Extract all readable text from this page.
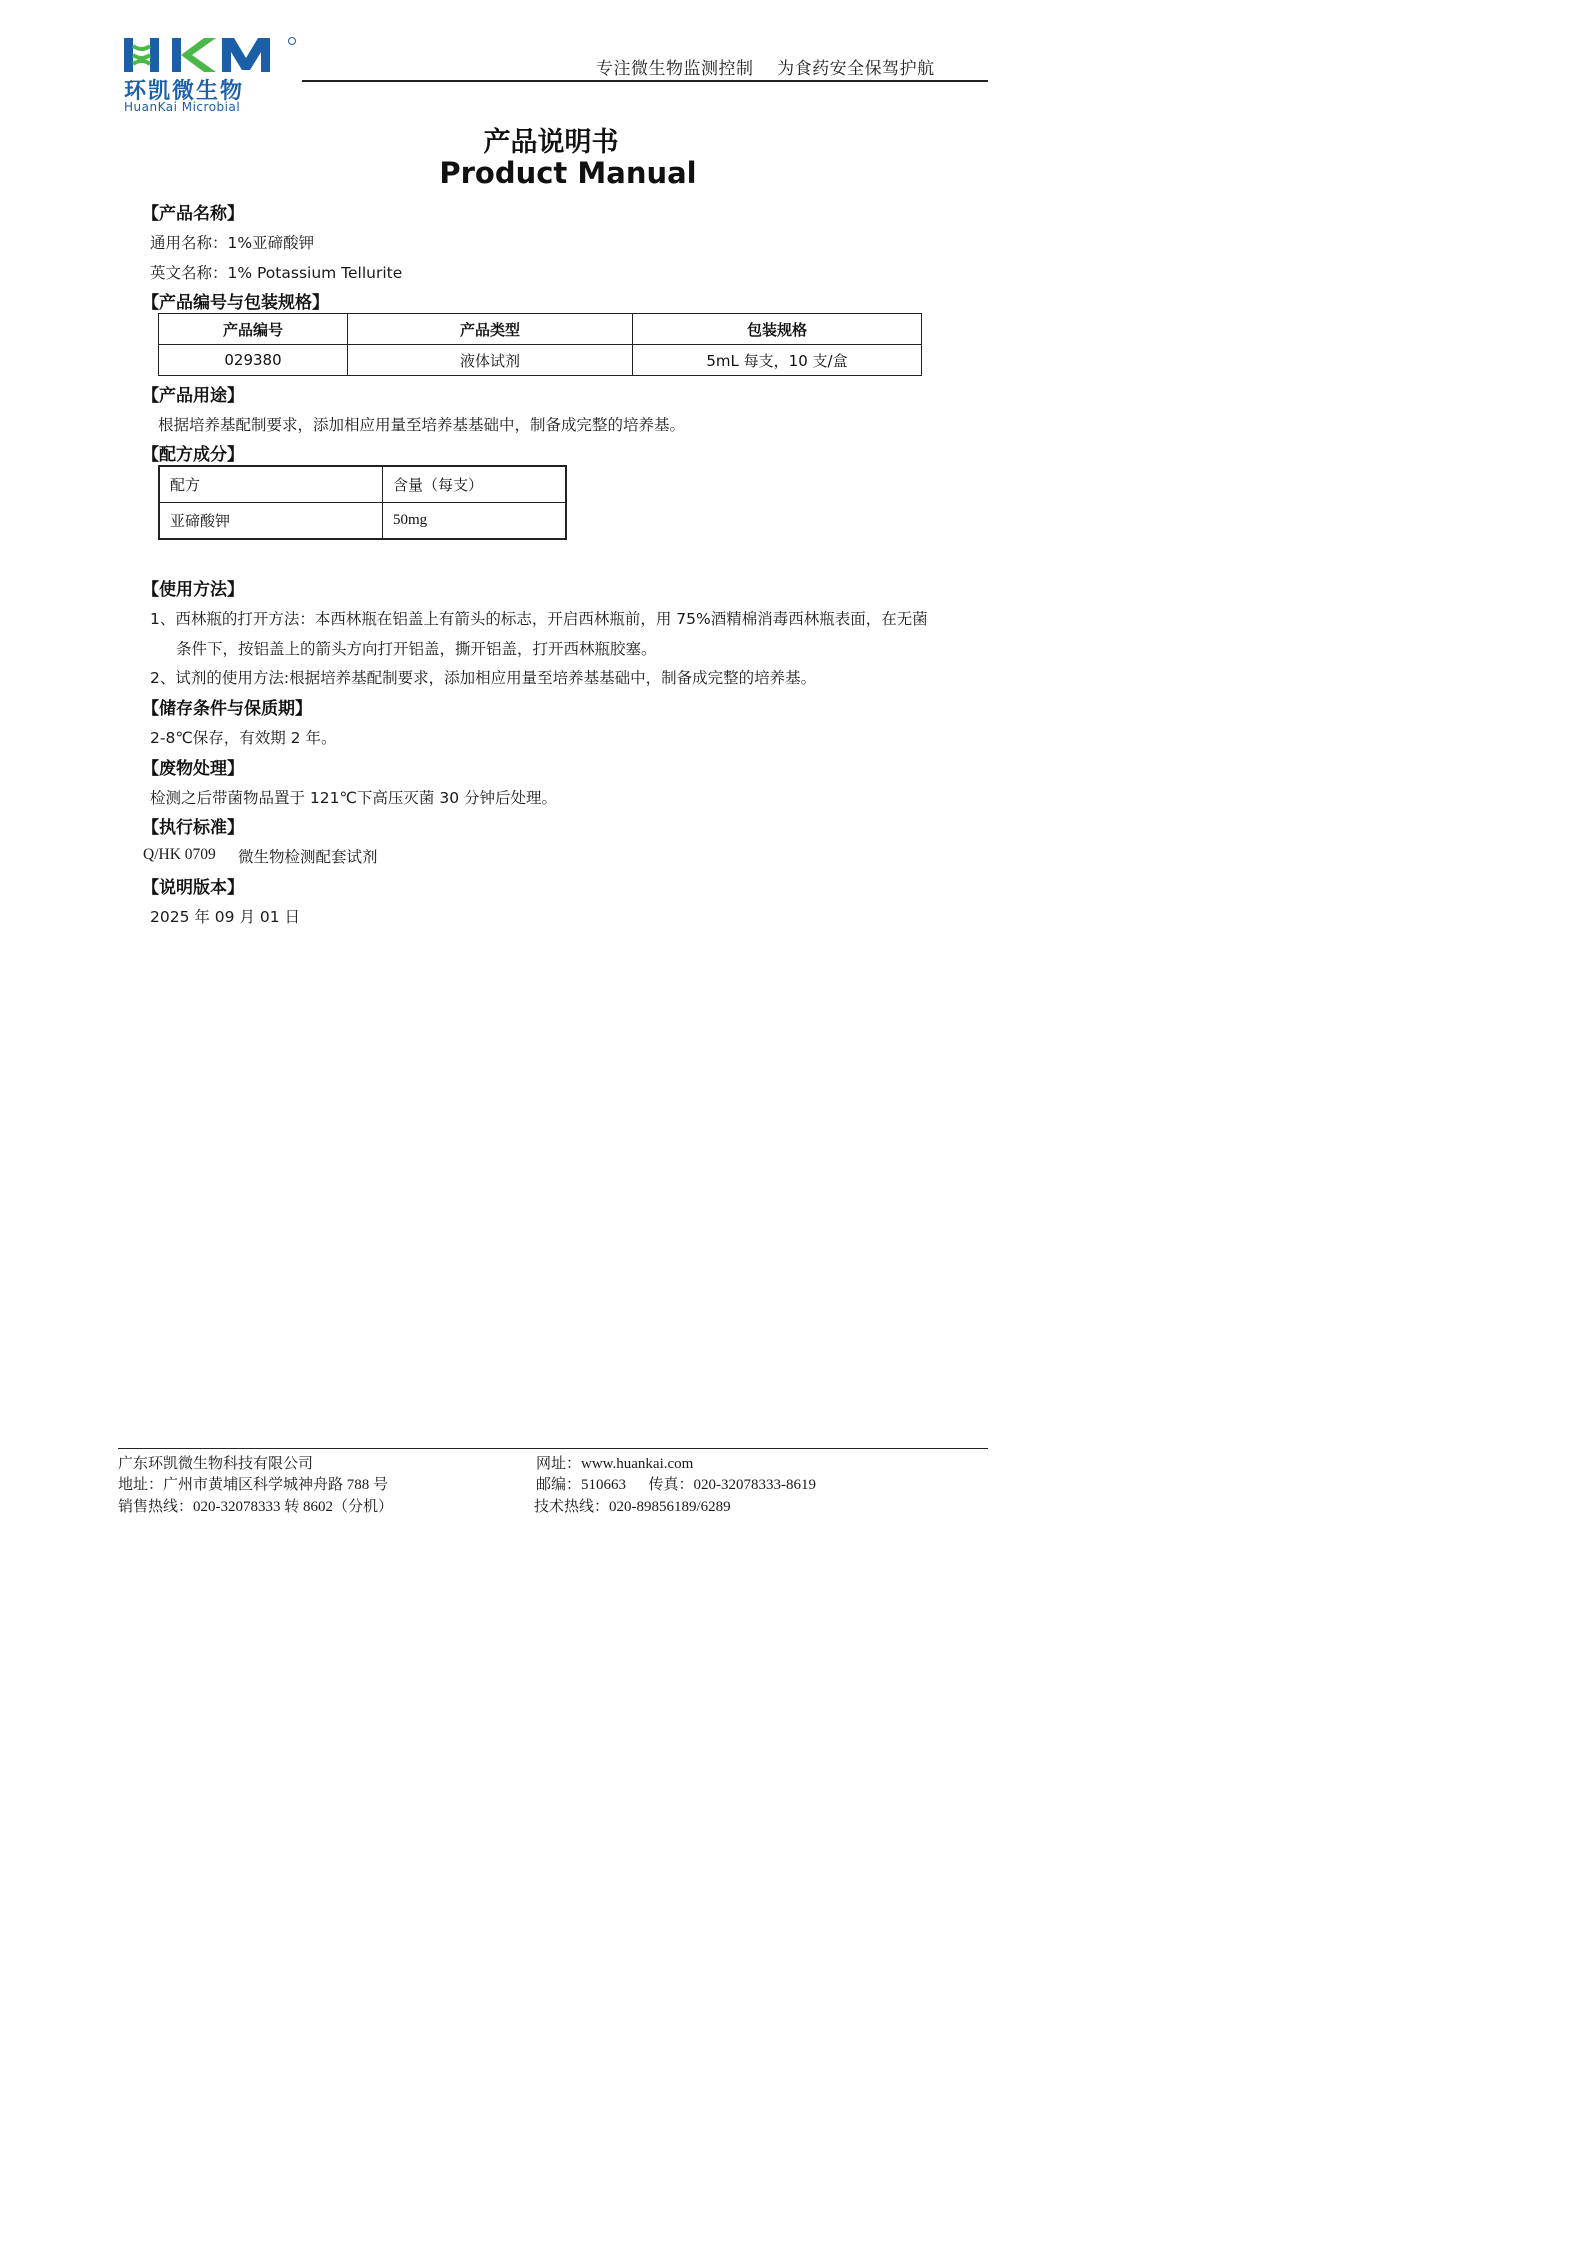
环凯微生物
HuanKai Microbial
专注微生物监测控制    为食药安全保驾护航
产品说明书
Product Manual
【产品名称】
通用名称：1%亚碲酸钾
英文名称：1% Potassium Tellurite
【产品编号与包装规格】
产品编号	产品类型	包装规格
029380	液体试剂	5mL 每支，10 支/盒
【产品用途】
根据培养基配制要求，添加相应用量至培养基基础中，制备成完整的培养基。
【配方成分】
配方	含量（每支）
亚碲酸钾	50mg
【使用方法】
1、西林瓶的打开方法：本西林瓶在铝盖上有箭头的标志，开启西林瓶前，用 75%酒精棉消毒西林瓶表面，在无菌
条件下，按铝盖上的箭头方向打开铝盖，撕开铝盖，打开西林瓶胶塞。
2、试剂的使用方法:根据培养基配制要求，添加相应用量至培养基基础中，制备成完整的培养基。
【储存条件与保质期】
2-8℃保存，有效期 2 年。
【废物处理】
检测之后带菌物品置于 121℃下高压灭菌 30 分钟后处理。
【执行标准】
Q/HK 0709 微生物检测配套试剂
【说明版本】
2025 年 09 月 01 日
广东环凯微生物科技有限公司
地址：广州市黄埔区科学城神舟路 788 号
销售热线：020-32078333 转 8602（分机）
网址：www.huankai.com
邮编：510663      传真：020-32078333-8619
技术热线：020-89856189/6289
